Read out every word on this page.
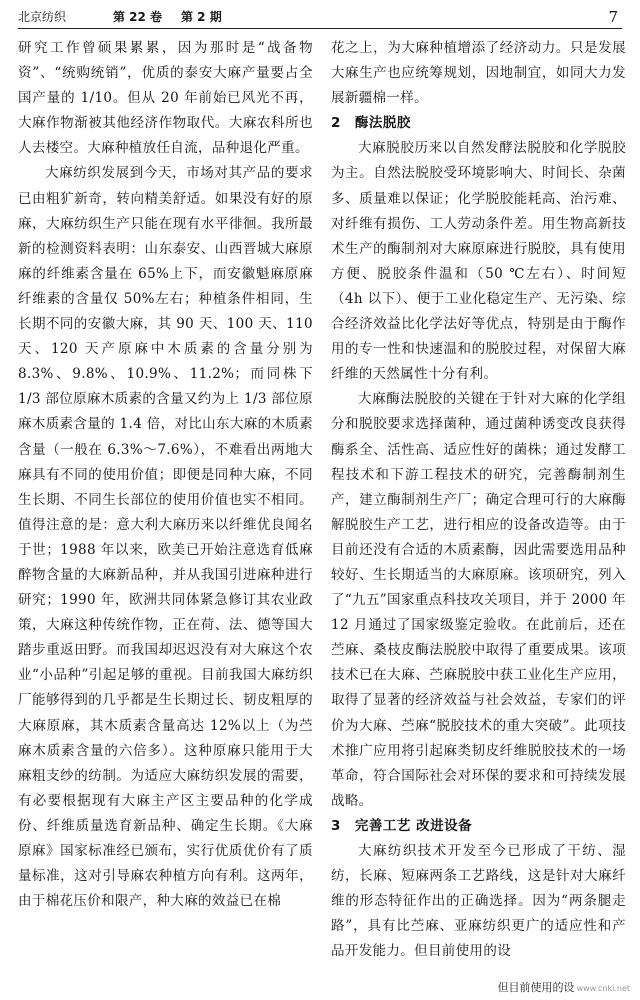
北京纺织	第 22 卷 第 2 期	7

研究工作曾硕果累累，因为那时是“战备物资”、“统购统销”，优质的泰安大麻产量要占全国产量的 1/10。但从 20 年前始已风光不再，大麻作物渐被其他经济作物取代。大麻农科所也人去楼空。大麻种植放任自流，品种退化严重。

大麻纺织发展到今天，市场对其产品的要求已由粗犷新奇，转向精美舒适。如果没有好的原麻，大麻纺织生产只能在现有水平徘徊。我所最新的检测资料表明：山东泰安、山西晋城大麻原麻的纤维素含量在 65%上下，而安徽魁麻原麻纤维素的含量仅 50%左右；种植条件相同，生长期不同的安徽大麻，其 90 天、100 天、110 天、120 天产原麻中木质素的含量分别为 8.3%、9.8%、10.9%、11.2%；而同株下 1/3 部位原麻木质素的含量又约为上 1/3 部位原麻木质素含量的 1.4 倍，对比山东大麻的木质素含量（一般在 6.3%～7.6%），不难看出两地大麻具有不同的使用价值；即便是同种大麻，不同生长期、不同生长部位的使用价值也实不相同。值得注意的是：意大利大麻历来以纤维优良闻名于世；1988 年以来，欧美已开始注意选育低麻醉物含量的大麻新品种，并从我国引进麻种进行研究；1990 年，欧洲共同体紧急修订其农业政策，大麻这种传统作物，正在荷、法、德等国大踏步重返田野。而我国却迟迟没有对大麻这个农业“小品种”引起足够的重视。目前我国大麻纺织厂能够得到的几乎都是生长期过长、韧皮粗厚的大麻原麻，其木质素含量高达 12%以上（为苎麻木质素含量的六倍多）。这种原麻只能用于大麻粗支纱的纺制。为适应大麻纺织发展的需要，有必要根据现有大麻主产区主要品种的化学成份、纤维质量选育新品种、确定生长期。《大麻原麻》国家标准经已颁布，实行优质优价有了质量标准，这对引导麻农种植方向有利。这两年，由于棉花压价和限产，种大麻的效益已在棉

花之上，为大麻种植增添了经济动力。只是发展大麻生产也应统筹规划，因地制宜，如同大力发展新疆棉一样。

2 酶法脱胶

大麻脱胶历来以自然发酵法脱胶和化学脱胶为主。自然法脱胶受环境影响大、时间长、杂菌多、质量难以保证；化学脱胶能耗高、治污难、对纤维有损伤、工人劳动条件差。用生物高新技术生产的酶制剂对大麻原麻进行脱胶，具有使用方便、脱胶条件温和（50 ℃左右）、时间短（4h 以下）、便于工业化稳定生产、无污染、综合经济效益比化学法好等优点，特别是由于酶作用的专一性和快速温和的脱胶过程，对保留大麻纤维的天然属性十分有利。

大麻酶法脱胶的关键在于针对大麻的化学组分和脱胶要求选择菌种，通过菌种诱变改良获得酶系全、活性高、适应性好的菌株；通过发酵工程技术和下游工程技术的研究，完善酶制剂生产，建立酶制剂生产厂；确定合理可行的大麻酶解脱胶生产工艺，进行相应的设备改造等。由于目前还没有合适的木质素酶，因此需要选用品种较好、生长期适当的大麻原麻。该项研究，列入了“九五”国家重点科技攻关项目，并于 2000 年 12 月通过了国家级鉴定验收。在此前后，还在苎麻、桑枝皮酶法脱胶中取得了重要成果。该项技术已在大麻、苎麻脱胶中获工业化生产应用，取得了显著的经济效益与社会效益，专家们的评价为大麻、苎麻“脱胶技术的重大突破”。此项技术推广应用将引起麻类韧皮纤维脱胶技术的一场革命，符合国际社会对环保的要求和可持续发展战略。

3 完善工艺 改进设备

大麻纺织技术开发至今已形成了干纺、湿纺，长麻、短麻两条工艺路线，这是针对大麻纤维的形态特征作出的正确选择。因为“两条腿走路”，具有比苎麻、亚麻纺织更广的适应性和产品开发能力。但目前使用的设

但目前使用的设 www.cnki.net
